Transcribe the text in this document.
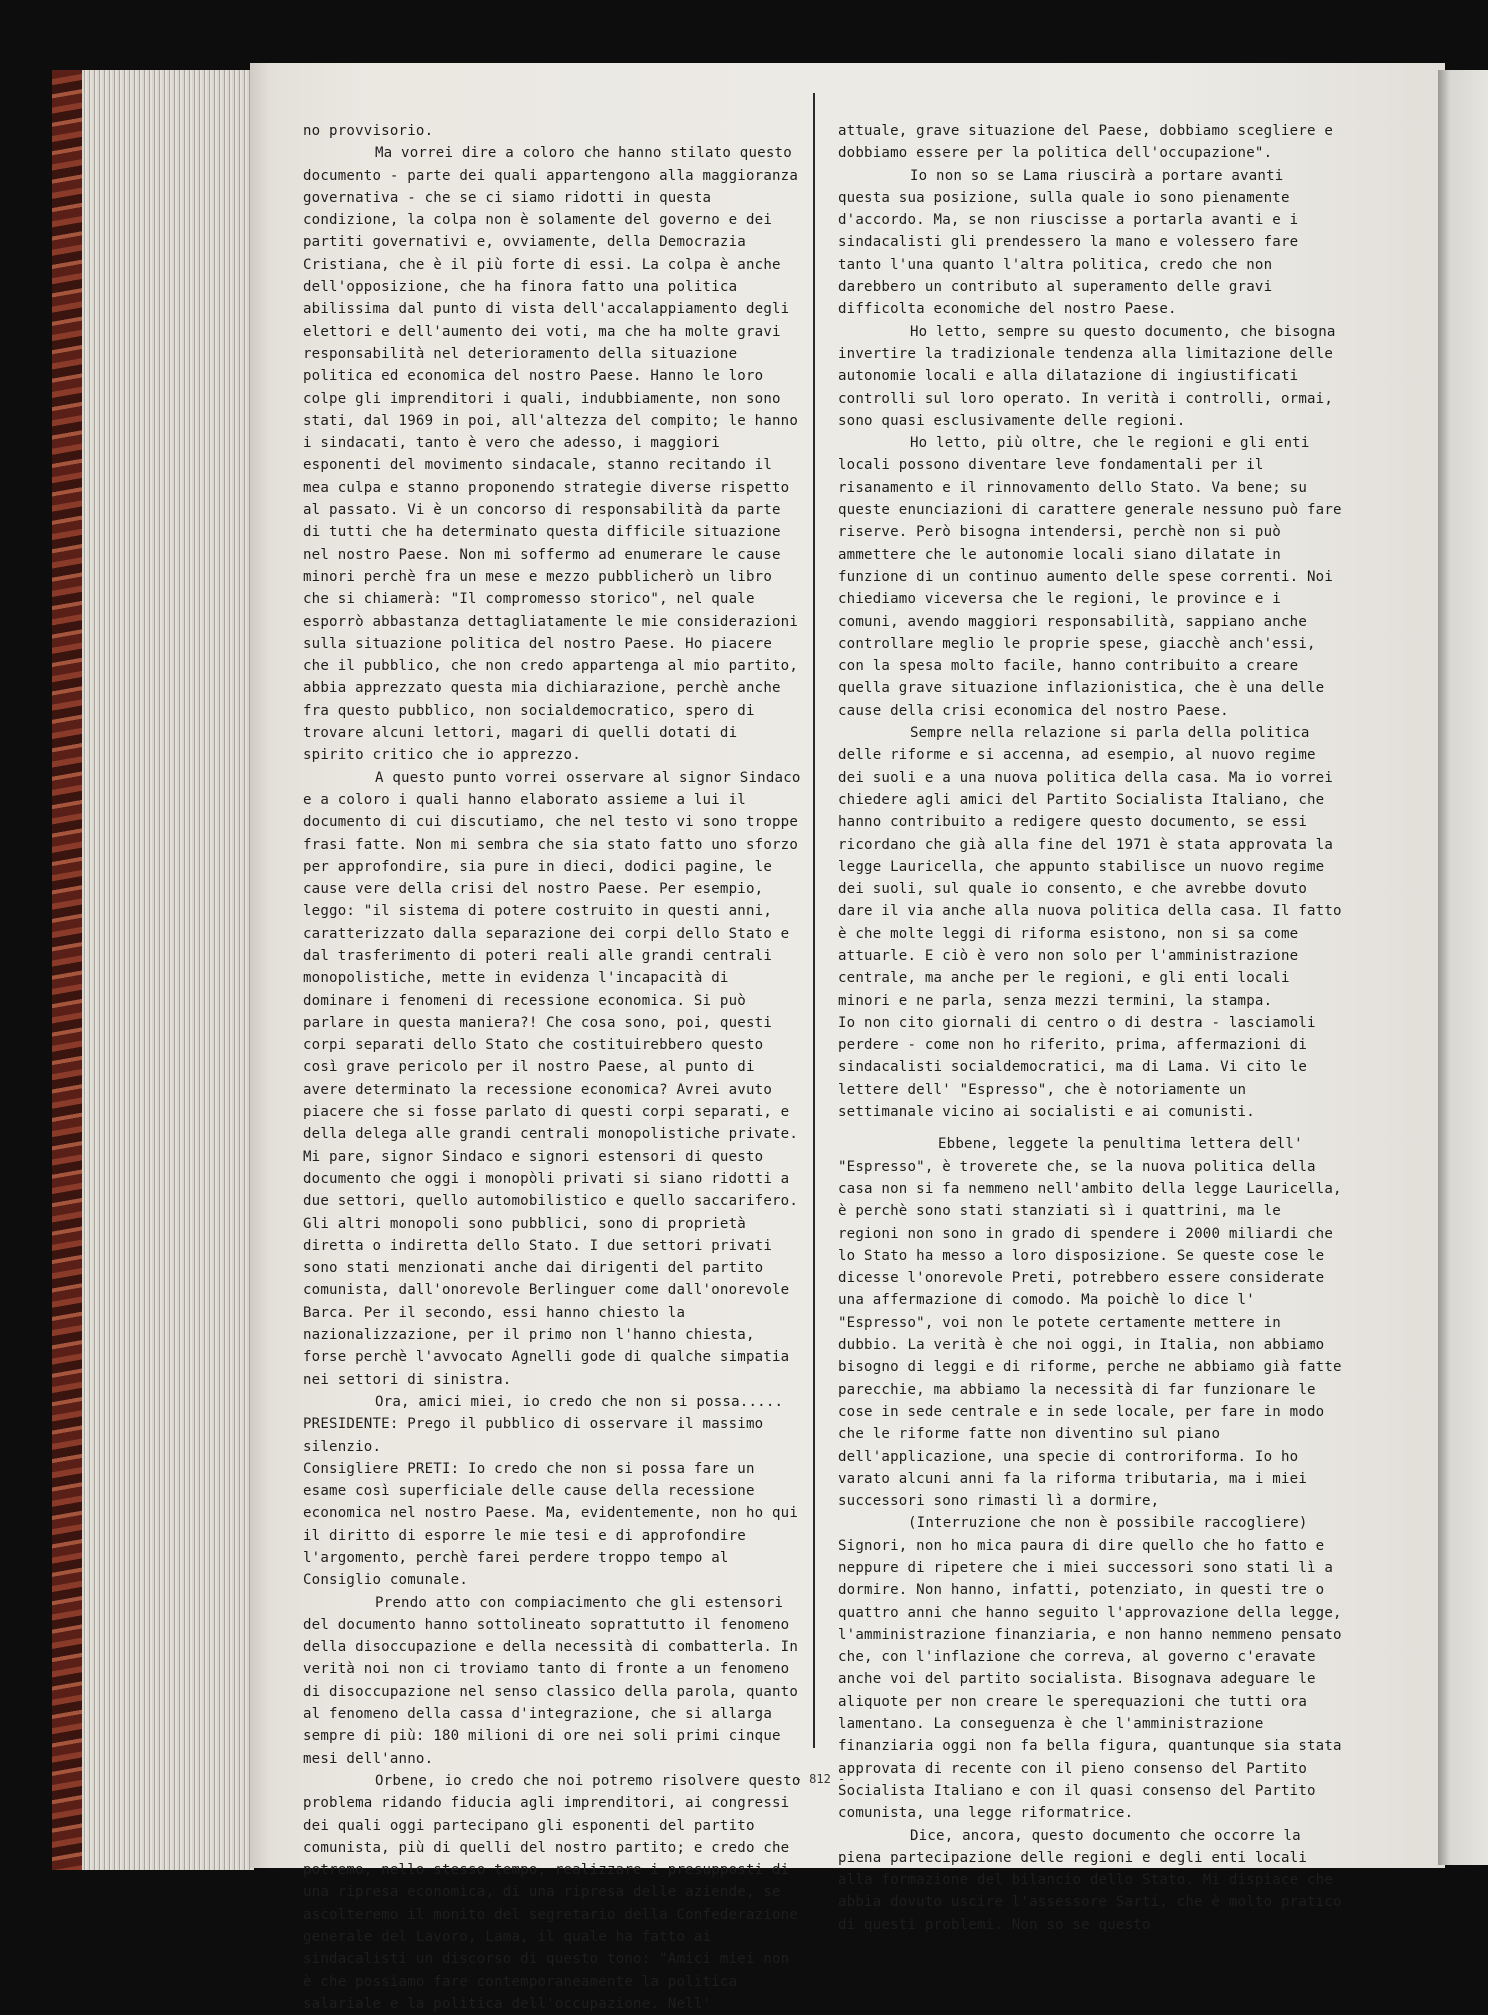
no provvisorio.

Ma vorrei dire a coloro che hanno stilato questo documento - parte dei quali appartengono alla maggioranza governativa - che se ci siamo ridotti in questa condizione, la colpa non è solamente del governo e dei partiti governativi e, ovviamente, della Democrazia Cristiana, che è il più forte di essi. La colpa è anche dell'opposizione, che ha finora fatto una politica abilissima dal punto di vista dell'accalappiamento degli elettori e dell'aumento dei voti, ma che ha molte gravi responsabilità nel deterioramento della situazione politica ed economica del nostro Paese. Hanno le loro colpe gli imprenditori i quali, indubbiamente, non sono stati, dal 1969 in poi, all'altezza del compito; le hanno i sindacati, tanto è vero che adesso, i maggiori esponenti del movimento sindacale, stanno recitando il mea culpa e stanno proponendo strategie diverse rispetto al passato. Vi è un concorso di responsabilità da parte di tutti che ha determinato questa difficile situazione nel nostro Paese. Non mi soffermo ad enumerare le cause minori perchè fra un mese e mezzo pubblicherò un libro che si chiamerà: "Il compromesso storico", nel quale esporrò abbastanza dettagliatamente le mie considerazioni sulla situazione politica del nostro Paese. Ho piacere che il pubblico, che non credo appartenga al mio partito, abbia apprezzato questa mia dichiarazione, perchè anche fra questo pubblico, non socialdemocratico, spero di trovare alcuni lettori, magari di quelli dotati di spirito critico che io apprezzo.

A questo punto vorrei osservare al signor Sindaco e a coloro i quali hanno elaborato assieme a lui il documento di cui discutiamo, che nel testo vi sono troppe frasi fatte. Non mi sembra che sia stato fatto uno sforzo per approfondire, sia pure in dieci, dodici pagine, le cause vere della crisi del nostro Paese. Per esempio, leggo: "il sistema di potere costruito in questi anni, caratterizzato dalla separazione dei corpi dello Stato e dal trasferimento di poteri reali alle grandi centrali monopolistiche, mette in evidenza l'incapacità di dominare i fenomeni di recessione economica. Si può parlare in questa maniera?! Che cosa sono, poi, questi corpi separati dello Stato che costituirebbero questo così grave pericolo per il nostro Paese, al punto di avere determinato la recessione economica? Avrei avuto piacere che si fosse parlato di questi corpi separati, e della delega alle grandi centrali monopolistiche private. Mi pare, signor Sindaco e signori estensori di questo documento che oggi i monopòli privati si siano ridotti a due settori, quello automobilistico e quello saccarifero. Gli altri monopoli sono pubblici, sono di proprietà diretta o indiretta dello Stato. I due settori privati sono stati menzionati anche dai dirigenti del partito comunista, dall'onorevole Berlinguer come dall'onorevole Barca. Per il secondo, essi hanno chiesto la nazionalizzazione, per il primo non l'hanno chiesta, forse perchè l'avvocato Agnelli gode di qualche simpatia nei settori di sinistra.

Ora, amici miei, io credo che non si possa.....

PRESIDENTE: Prego il pubblico di osservare il massimo silenzio.

Consigliere PRETI: Io credo che non si possa fare un esame così superficiale delle cause della recessione economica nel nostro Paese. Ma, evidentemente, non ho qui il diritto di esporre le mie tesi e di approfondire l'argomento, perchè farei perdere troppo tempo al Consiglio comunale.

Prendo atto con compiacimento che gli estensori del documento hanno sottolineato soprattutto il fenomeno della disoccupazione e della necessità di combatterla. In verità noi non ci troviamo tanto di fronte a un fenomeno di disoccupazione nel senso classico della parola, quanto al fenomeno della cassa d'integrazione, che si allarga sempre di più: 180 milioni di ore nei soli primi cinque mesi dell'anno.

Orbene, io credo che noi potremo risolvere questo problema ridando fiducia agli imprenditori, ai congressi dei quali oggi partecipano gli esponenti del partito comunista, più di quelli del nostro partito; e credo che potremo, nello stesso tempo, realizzare i presupposti di una ripresa economica, di una ripresa delle aziende, se ascolteremo il monito del segretario della Confederazione generale del Lavoro, Lama, il quale ha fatto ai sindacalisti un discorso di questo tono: "Amici miei non è che possiamo fare contemporaneamente la politica salariale e la politica dell'occupazione. Nell'

attuale, grave situazione del Paese, dobbiamo scegliere e dobbiamo essere per la politica dell'occupazione".

Io non so se Lama riuscirà a portare avanti questa sua posizione, sulla quale io sono pienamente d'accordo. Ma, se non riuscisse a portarla avanti e i sindacalisti gli prendessero la mano e volessero fare tanto l'una quanto l'altra politica, credo che non darebbero un contributo al superamento delle gravi difficolta economiche del nostro Paese.

Ho letto, sempre su questo documento, che bisogna invertire la tradizionale tendenza alla limitazione delle autonomie locali e alla dilatazione di ingiustificati controlli sul loro operato. In verità i controlli, ormai, sono quasi esclusivamente delle regioni.

Ho letto, più oltre, che le regioni e gli enti locali possono diventare leve fondamentali per il risanamento e il rinnovamento dello Stato. Va bene; su queste enunciazioni di carattere generale nessuno può fare riserve. Però bisogna intendersi, perchè non si può ammettere che le autonomie locali siano dilatate in funzione di un continuo aumento delle spese correnti. Noi chiediamo viceversa che le regioni, le province e i comuni, avendo maggiori responsabilità, sappiano anche controllare meglio le proprie spese, giacchè anch'essi, con la spesa molto facile, hanno contribuito a creare quella grave situazione inflazionistica, che è una delle cause della crisi economica del nostro Paese.

Sempre nella relazione si parla della politica delle riforme e si accenna, ad esempio, al nuovo regime dei suoli e a una nuova politica della casa. Ma io vorrei chiedere agli amici del Partito Socialista Italiano, che hanno contribuito a redigere questo documento, se essi ricordano che già alla fine del 1971 è stata approvata la legge Lauricella, che appunto stabilisce un nuovo regime dei suoli, sul quale io consento, e che avrebbe dovuto dare il via anche alla nuova politica della casa. Il fatto è che molte leggi di riforma esistono, non si sa come attuarle. E ciò è vero non solo per l'amministrazione centrale, ma anche per le regioni, e gli enti locali minori e ne parla, senza mezzi termini, la stampa.

Io non cito giornali di centro o di destra - lasciamoli perdere - come non ho riferito, prima, affermazioni di sindacalisti socialdemocratici, ma di Lama. Vi cito le lettere dell' "Espresso", che è notoriamente un settimanale vicino ai socialisti e ai comunisti.

Ebbene, leggete la penultima lettera dell' "Espresso", è troverete che, se la nuova politica della casa non si fa nemmeno nell'ambito della legge Lauricella, è perchè sono stati stanziati sì i quattrini, ma le regioni non sono in grado di spendere i 2000 miliardi che lo Stato ha messo a loro disposizione. Se queste cose le dicesse l'onorevole Preti, potrebbero essere considerate una affermazione di comodo. Ma poichè lo dice l' "Espresso", voi non le potete certamente mettere in dubbio. La verità è che noi oggi, in Italia, non abbiamo bisogno di leggi e di riforme, perche ne abbiamo già fatte parecchie, ma abbiamo la necessità di far funzionare le cose in sede centrale e in sede locale, per fare in modo che le riforme fatte non diventino sul piano dell'applicazione, una specie di controriforma. Io ho varato alcuni anni fa la riforma tributaria, ma i miei successori sono rimasti lì a dormire,

(Interruzione che non è possibile raccogliere)

Signori, non ho mica paura di dire quello che ho fatto e neppure di ripetere che i miei successori sono stati lì a dormire. Non hanno, infatti, potenziato, in questi tre o quattro anni che hanno seguito l'approvazione della legge, l'amministrazione finanziaria, e non hanno nemmeno pensato che, con l'inflazione che correva, al governo c'eravate anche voi del partito socialista. Bisognava adeguare le aliquote per non creare le sperequazioni che tutti ora lamentano. La conseguenza è che l'amministrazione finanziaria oggi non fa bella figura, quantunque sia stata approvata di recente con il pieno consenso del Partito Socialista Italiano e con il quasi consenso del Partito comunista, una legge riformatrice.

Dice, ancora, questo documento che occorre la piena partecipazione delle regioni e degli enti locali alla formazione del bilancio dello Stato. Mi dispiace che abbia dovuto uscire l'assessore Sarti, che è molto pratico di questi problemi. Non so se questo

- 812 -
